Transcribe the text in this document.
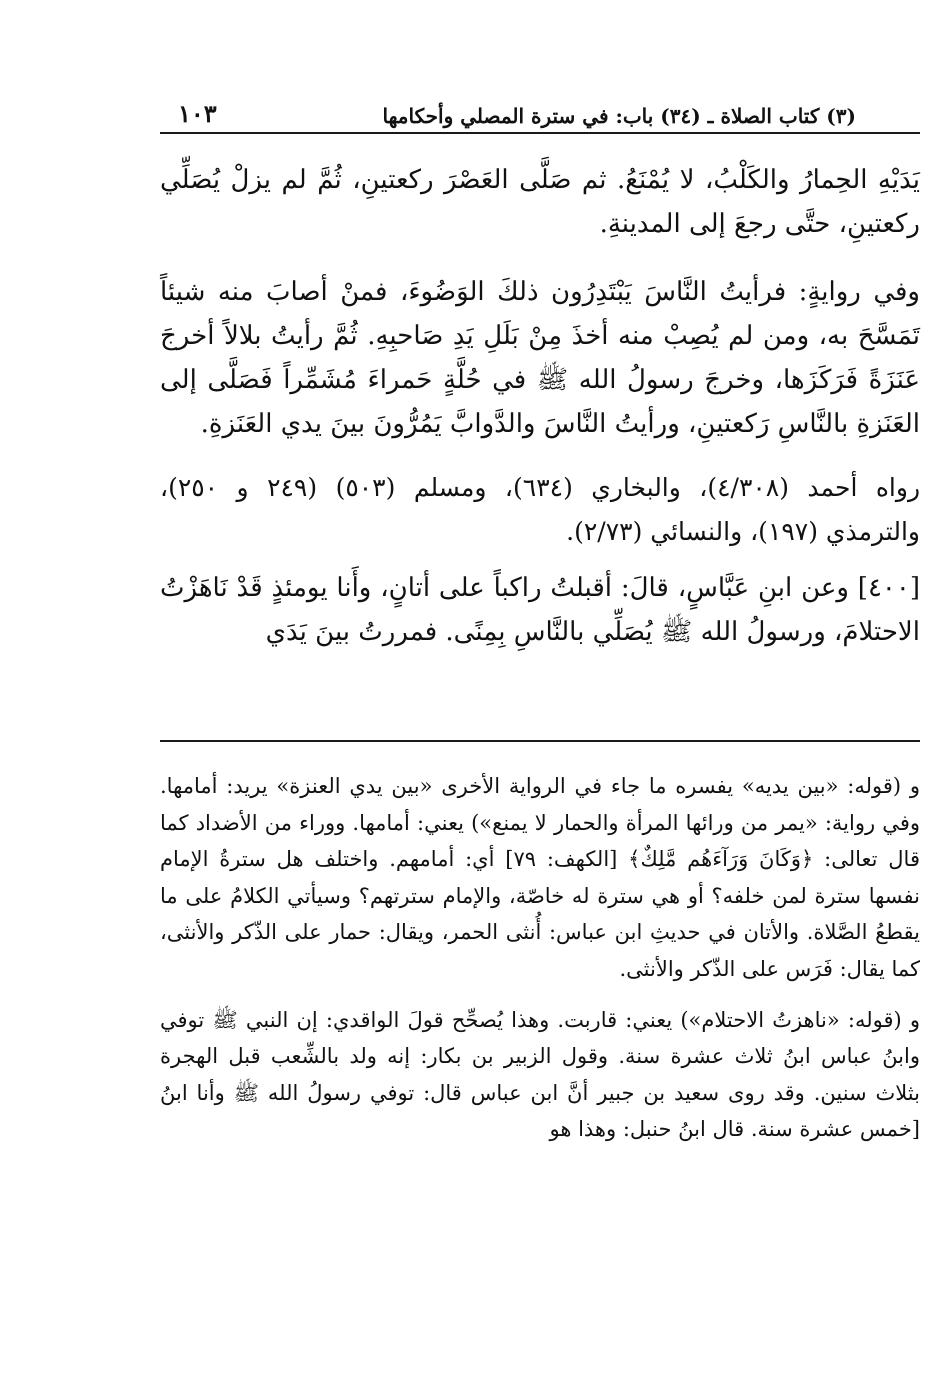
(٣) كتاب الصلاة ـ (٣٤) باب: في سترة المصلي وأحكامها
١٠٣

يَدَيْهِ الحِمارُ والكَلْبُ، لا يُمْنَعُ. ثم صَلَّى العَصْرَ ركعتينِ، ثُمَّ لم يزلْ يُصَلِّي ركعتينِ، حتَّى رجعَ إلى المدينةِ.

وفي روايةٍ: فرأيتُ النَّاسَ يَبْتَدِرُون ذلكَ الوَضُوءَ، فمنْ أصابَ منه شيئاً تَمَسَّحَ به، ومن لم يُصِبْ منه أخذَ مِنْ بَلَلِ يَدِ صَاحبِهِ. ثُمَّ رأيتُ بلالاً أخرجَ عَنَزَةً فَرَكَزَها، وخرجَ رسولُ الله ﷺ في حُلَّةٍ حَمراءَ مُشَمِّراً فَصَلَّى إلى العَنَزةِ بالنَّاسِ رَكعتينِ، ورأيتُ النَّاسَ والدَّوابَّ يَمُرُّونَ بينَ يدي العَنَزةِ.

رواه أحمد (٤/٣٠٨)، والبخاري (٦٣٤)، ومسلم (٥٠٣) (٢٤٩ و ٢٥٠)، والترمذي (١٩٧)، والنسائي (٢/٧٣).

[٤٠٠] وعن ابنِ عَبَّاسٍ، قالَ: أقبلتُ راكباً على أتانٍ، وأَنا يومئذٍ قَدْ نَاهَزْتُ الاحتلامَ، ورسولُ الله ﷺ يُصَلِّي بالنَّاسِ بِمِنًى. فمررتُ بينَ يَدَي

و (قوله: «بين يديه» يفسره ما جاء في الرواية الأخرى «بين يدي العنزة» يريد: أمامها. وفي رواية: «يمر من ورائها المرأة والحمار لا يمنع») يعني: أمامها. ووراء من الأضداد كما قال تعالى: ﴿وَكَانَ وَرَآءَهُم مَّلِكٌ﴾ [الكهف: ٧٩] أي: أمامهم. واختلف هل سترةُ الإمام نفسها سترة لمن خلفه؟ أو هي سترة له خاصّة، والإمام سترتهم؟ وسيأتي الكلامُ على ما يقطعُ الصَّلاة. والأتان في حديثِ ابن عباس: أُنثى الحمر، ويقال: حمار على الذّكر والأنثى، كما يقال: فَرَس على الذّكر والأنثى.

و (قوله: «ناهزتُ الاحتلام») يعني: قاربت. وهذا يُصحِّح قولَ الواقدي: إن النبي ﷺ توفي وابنُ عباس ابنُ ثلاث عشرة سنة. وقول الزبير بن بكار: إنه ولد بالشِّعب قبل الهجرة بثلاث سنين. وقد روى سعيد بن جبير أنَّ ابن عباس قال: توفي رسولُ الله ﷺ وأنا ابنُ [خمس عشرة سنة. قال ابنُ حنبل: وهذا هو
